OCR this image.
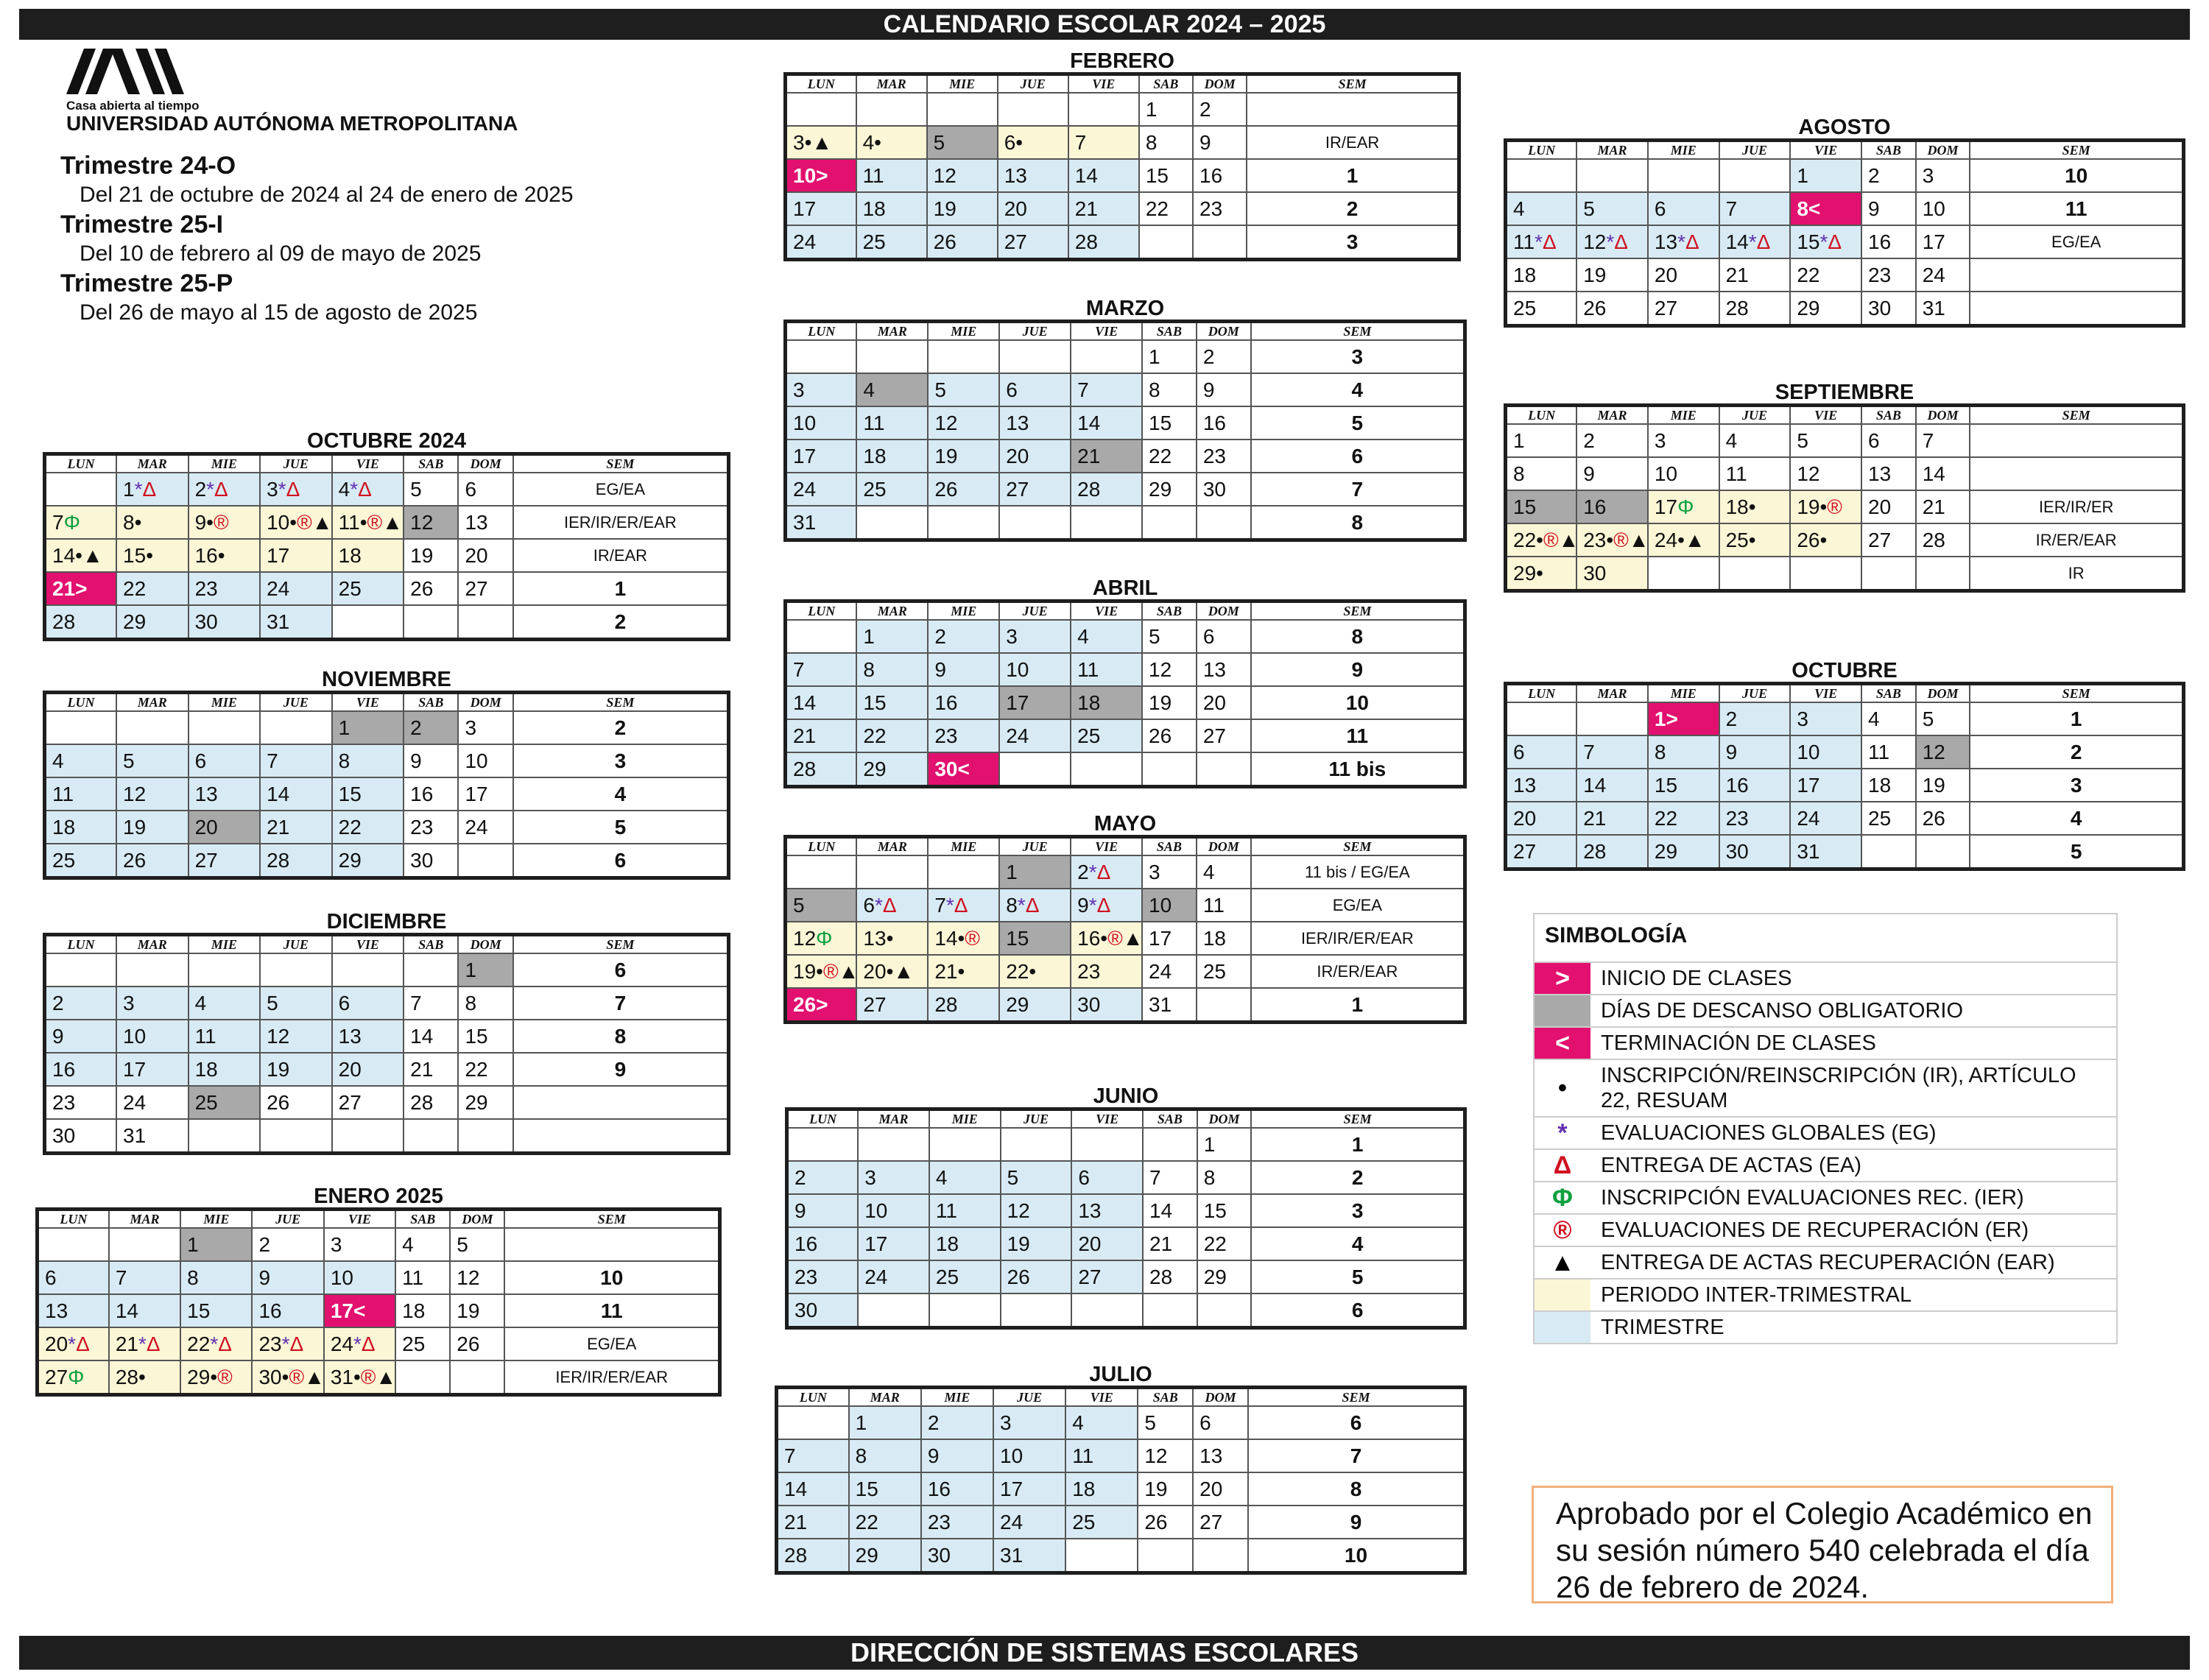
CALENDARIO ESCOLAR 2024 – 2025
Casa abierta al tiempo
UNIVERSIDAD AUTÓNOMA METROPOLITANA
Trimestre 24-O
Del 21 de octubre de 2024 al 24 de enero de 2025
Trimestre 25-I
Del 10 de febrero al 09 de mayo de 2025
Trimestre 25-P
Del 26 de mayo al 15 de agosto de 2025
OCTUBRE 2024
LUN	MAR	MIE	JUE	VIE	SAB	DOM	SEM
	1*Δ	2*Δ	3*Δ	4*Δ	5	6	EG/EA
7Φ	8•	9•®	10•®▲	11•®▲	12	13	IER/IR/ER/EAR
14•▲	15•	16•	17	18	19	20	IR/EAR
21>	22	23	24	25	26	27	1
28	29	30	31				2
NOVIEMBRE
LUN	MAR	MIE	JUE	VIE	SAB	DOM	SEM
				1	2	3	2
4	5	6	7	8	9	10	3
11	12	13	14	15	16	17	4
18	19	20	21	22	23	24	5
25	26	27	28	29	30		6
DICIEMBRE
LUN	MAR	MIE	JUE	VIE	SAB	DOM	SEM
						1	6
2	3	4	5	6	7	8	7
9	10	11	12	13	14	15	8
16	17	18	19	20	21	22	9
23	24	25	26	27	28	29	
30	31						
ENERO 2025
LUN	MAR	MIE	JUE	VIE	SAB	DOM	SEM
		1	2	3	4	5	
6	7	8	9	10	11	12	10
13	14	15	16	17<	18	19	11
20*Δ	21*Δ	22*Δ	23*Δ	24*Δ	25	26	EG/EA
27Φ	28•	29•®	30•®▲	31•®▲			IER/IR/ER/EAR
FEBRERO
LUN	MAR	MIE	JUE	VIE	SAB	DOM	SEM
					1	2	
3•▲	4•	5	6•	7	8	9	IR/EAR
10>	11	12	13	14	15	16	1
17	18	19	20	21	22	23	2
24	25	26	27	28			3
MARZO
LUN	MAR	MIE	JUE	VIE	SAB	DOM	SEM
					1	2	3
3	4	5	6	7	8	9	4
10	11	12	13	14	15	16	5
17	18	19	20	21	22	23	6
24	25	26	27	28	29	30	7
31							8
ABRIL
LUN	MAR	MIE	JUE	VIE	SAB	DOM	SEM
	1	2	3	4	5	6	8
7	8	9	10	11	12	13	9
14	15	16	17	18	19	20	10
21	22	23	24	25	26	27	11
28	29	30<					11 bis
MAYO
LUN	MAR	MIE	JUE	VIE	SAB	DOM	SEM
			1	2*Δ	3	4	11 bis / EG/EA
5	6*Δ	7*Δ	8*Δ	9*Δ	10	11	EG/EA
12Φ	13•	14•®	15	16•®▲	17	18	IER/IR/ER/EAR
19•®▲	20•▲	21•	22•	23	24	25	IR/ER/EAR
26>	27	28	29	30	31		1
JUNIO
LUN	MAR	MIE	JUE	VIE	SAB	DOM	SEM
						1	1
2	3	4	5	6	7	8	2
9	10	11	12	13	14	15	3
16	17	18	19	20	21	22	4
23	24	25	26	27	28	29	5
30							6
JULIO
LUN	MAR	MIE	JUE	VIE	SAB	DOM	SEM
	1	2	3	4	5	6	6
7	8	9	10	11	12	13	7
14	15	16	17	18	19	20	8
21	22	23	24	25	26	27	9
28	29	30	31				10
AGOSTO
LUN	MAR	MIE	JUE	VIE	SAB	DOM	SEM
				1	2	3	10
4	5	6	7	8<	9	10	11
11*Δ	12*Δ	13*Δ	14*Δ	15*Δ	16	17	EG/EA
18	19	20	21	22	23	24	
25	26	27	28	29	30	31	
SEPTIEMBRE
LUN	MAR	MIE	JUE	VIE	SAB	DOM	SEM
1	2	3	4	5	6	7	
8	9	10	11	12	13	14	
15	16	17Φ	18•	19•®	20	21	IER/IR/ER
22•®▲	23•®▲	24•▲	25•	26•	27	28	IR/ER/EAR
29•	30						IR
OCTUBRE
LUN	MAR	MIE	JUE	VIE	SAB	DOM	SEM
		1>	2	3	4	5	1
6	7	8	9	10	11	12	2
13	14	15	16	17	18	19	3
20	21	22	23	24	25	26	4
27	28	29	30	31			5
SIMBOLOGÍA
>	INICIO DE CLASES
DÍAS DE DESCANSO OBLIGATORIO
<	TERMINACIÓN DE CLASES
•	INSCRIPCIÓN/REINSCRIPCIÓN (IR), ARTÍCULO 22, RESUAM
*	EVALUACIONES GLOBALES (EG)
Δ	ENTREGA DE ACTAS (EA)
Φ	INSCRIPCIÓN EVALUACIONES REC. (IER)
®	EVALUACIONES DE RECUPERACIÓN (ER)
▲	ENTREGA DE ACTAS RECUPERACIÓN (EAR)
PERIODO INTER-TRIMESTRAL
TRIMESTRE
Aprobado por el Colegio Académico en su sesión número 540 celebrada el día 26 de febrero de 2024.
DIRECCIÓN DE SISTEMAS ESCOLARES
